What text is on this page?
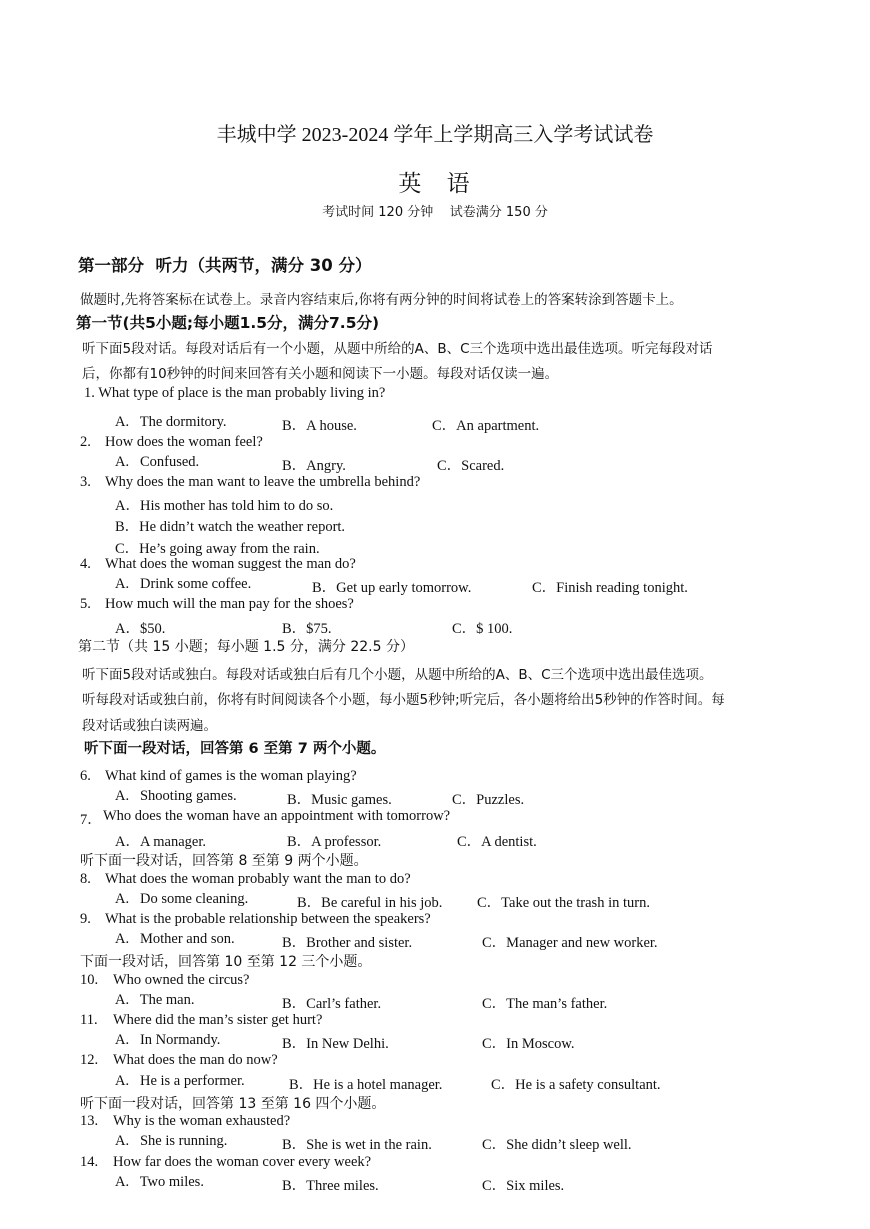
丰城中学 2023-2024 学年上学期高三入学考试试卷
英   语
考试时间 120 分钟    试卷满分 150 分
第一部分  听力（共两节，满分 30 分）
做题时,先将答案标在试卷上。录音内容结束后,你将有两分钟的时间将试卷上的答案转涂到答题卡上。
第一节(共5小题;每小题1.5分，满分7.5分)
听下面5段对话。每段对话后有一个小题，从题中所给的A、B、C三个选项中选出最佳选项。听完每段对话
后，你都有10秒钟的时间来回答有关小题和阅读下一小题。每段对话仅读一遍。
1. What type of place is the man probably living in?
A.   The dormitory.	B．A house.	C．An apartment.
2. How does the woman feel?
A.   Confused.	B．Angry.	C．Scared.
3. Why does the man want to leave the umbrella behind?
A．His mother has told him to do so.
B．He didn’t watch the weather report.
C．He’s going away from the rain.
4. What does the woman suggest the man do?
A.   Drink some coffee.	B．Get up early tomorrow.	C．Finish reading tonight.
5. How much will the man pay for the shoes?
A．$50.	B．$75.	C．$ 100.
第二节（共 15 小题；每小题 1.5 分，满分 22.5 分）
听下面5段对话或独白。每段对话或独白后有几个小题，从题中所给的A、B、C三个选项中选出最佳选项。
听每段对话或独白前，你将有时间阅读各个小题，每小题5秒钟;听完后，各小题将给出5秒钟的作答时间。每
段对话或独白读两遍。
听下面一段对话，回答第 6 至第 7 两个小题。
6. What kind of games is the woman playing?
A.   Shooting games.	B．Music games.	C．Puzzles.
7． Who does the woman have an appointment with tomorrow?
A．A manager.	B．A professor.	C．A dentist.
听下面一段对话，回答第 8 至第 9 两个小题。
8. What does the woman probably want the man to do?
A.   Do some cleaning.	B．Be careful in his job. C．Take out the trash in turn.
9. What is the probable relationship between the speakers?
A.   Mother and son.	B．Brother and sister.	C．Manager and new worker.
下面一段对话，回答第 10 至第 12 三个小题。
10. Who owned the circus?
A.   The man.	B．Carl’s father.	C．The man’s father.
11. Where did the man’s sister get hurt?
A.   In Normandy.	B．In New Delhi.	C．In Moscow.
12. What does the man do now?
A.   He is a performer.	B．He is a hotel manager.	C．He is a safety consultant.
听下面一段对话，回答第 13 至第 16 四个小题。
13. Why is the woman exhausted?
A.   She is running.	B．She is wet in the rain.	C．She didn’t sleep well.
14. How far does the woman cover every week?
A.   Two miles.	B．Three miles.	C．Six miles.
